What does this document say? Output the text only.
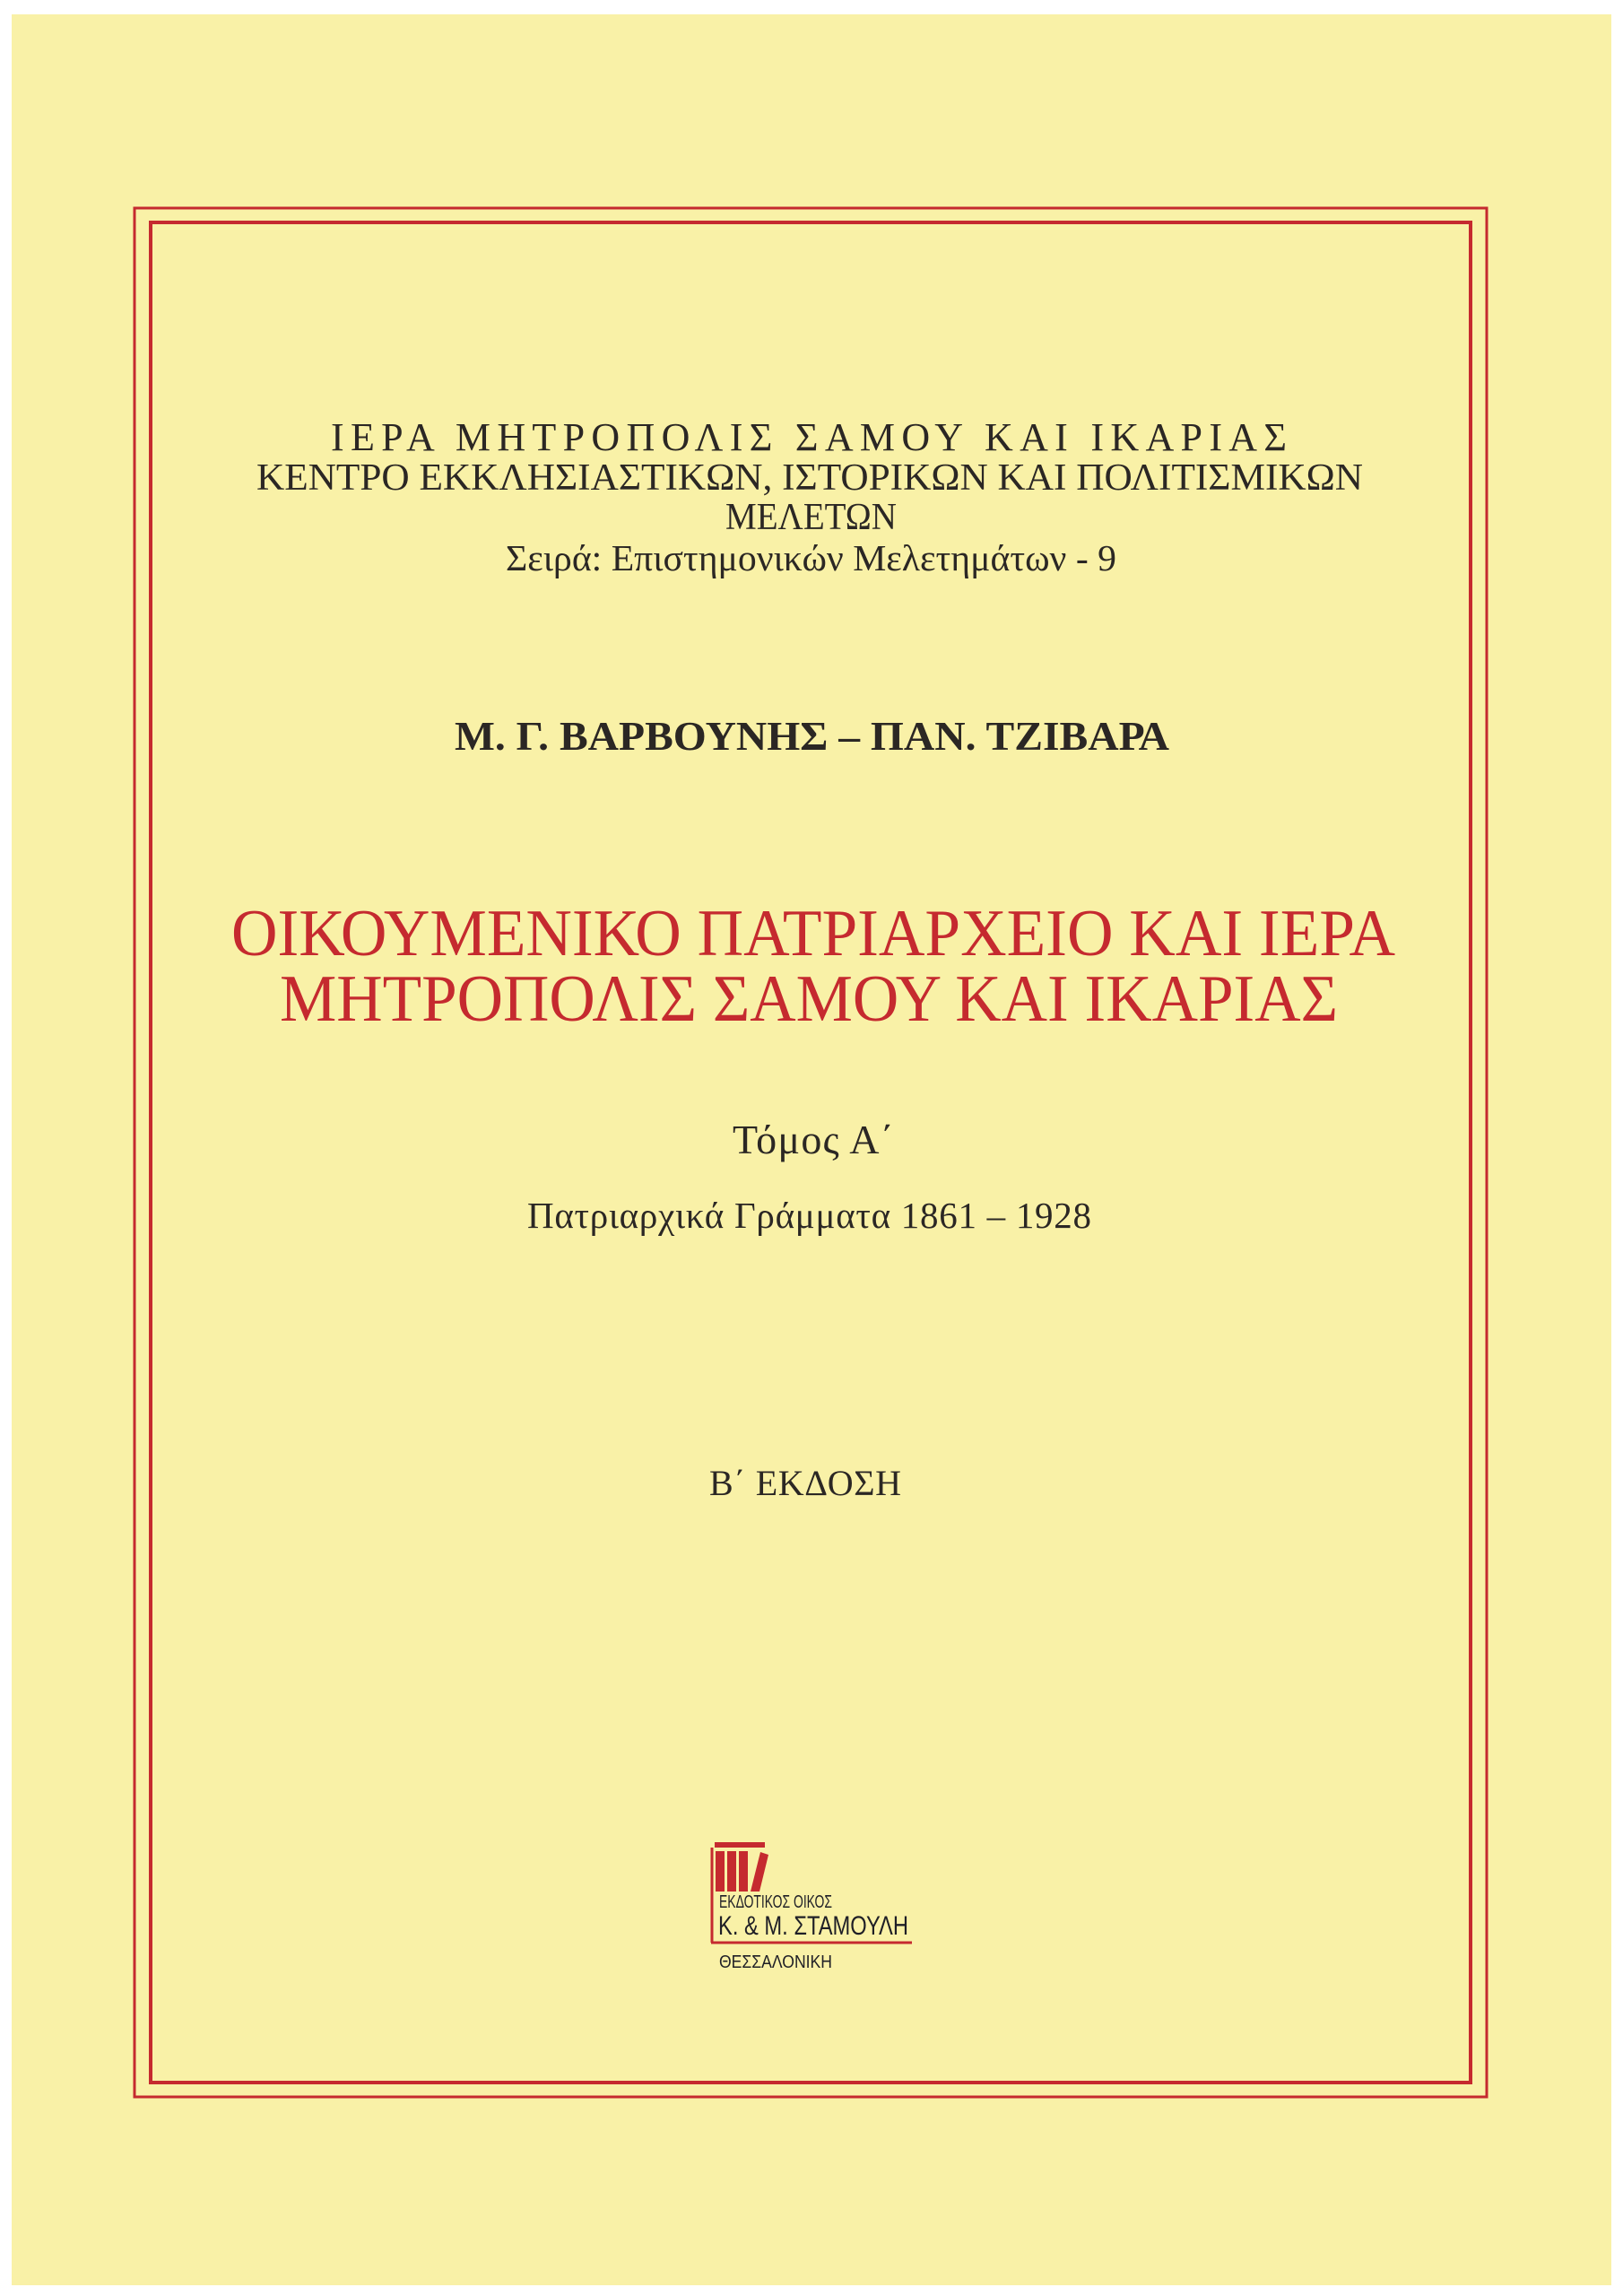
ΙΕΡΑ ΜΗΤΡΟΠΟΛΙΣ ΣΑΜΟΥ ΚΑΙ ΙΚΑΡΙΑΣ
ΚΕΝΤΡΟ ΕΚΚΛΗΣΙΑΣΤΙΚΩΝ, ΙΣΤΟΡΙΚΩΝ ΚΑΙ ΠΟΛΙΤΙΣΜΙΚΩΝ
ΜΕΛΕΤΩΝ
Σειρά: Επιστημονικών Μελετημάτων - 9
Μ. Γ. ΒΑΡΒΟΥΝΗΣ – ΠΑΝ. ΤΖΙΒΑΡΑ
ΟΙΚΟΥΜΕΝΙΚΟ ΠΑΤΡΙΑΡΧΕΙΟ ΚΑΙ ΙΕΡΑ
ΜΗΤΡΟΠΟΛΙΣ ΣΑΜΟΥ ΚΑΙ ΙΚΑΡΙΑΣ
Τόμος Α΄
Πατριαρχικά Γράμματα 1861 – 1928
Β΄ ΕΚΔΟΣΗ
ΕΚΔΟΤΙΚΟΣ ΟΙΚΟΣ
Κ. & Μ. ΣΤΑΜΟΥΛΗ
ΘΕΣΣΑΛΟΝΙΚΗ
